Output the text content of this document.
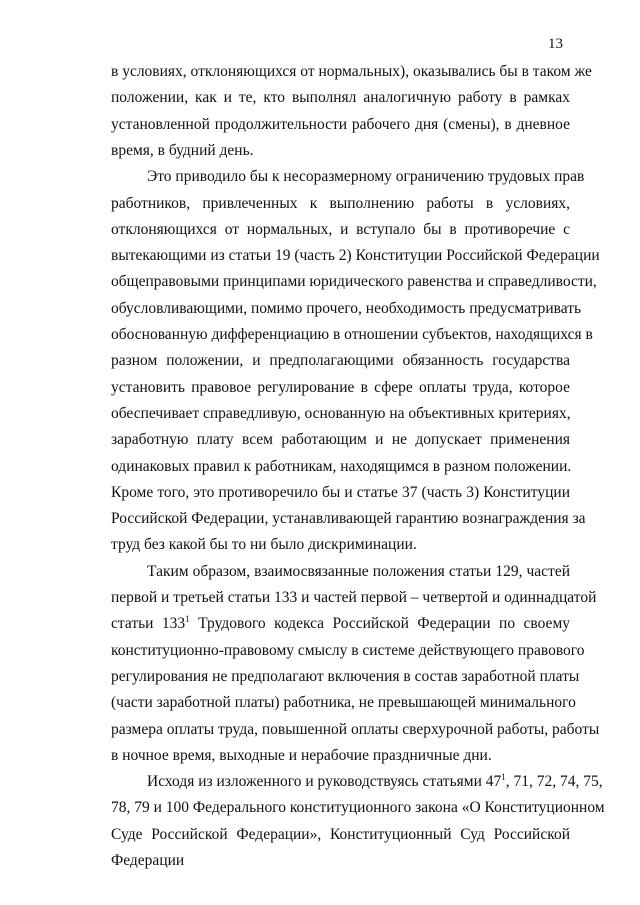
13
в условиях, отклоняющихся от нормальных), оказывались бы в таком же
положении, как и те, кто выполнял аналогичную работу в рамках
установленной продолжительности рабочего дня (смены), в дневное
время, в будний день.
Это приводило бы к несоразмерному ограничению трудовых прав
работников, привлеченных к выполнению работы в условиях,
отклоняющихся от нормальных, и вступало бы в противоречие с
вытекающими из статьи 19 (часть 2) Конституции Российской Федерации
общеправовыми принципами юридического равенства и справедливости,
обусловливающими, помимо прочего, необходимость предусматривать
обоснованную дифференциацию в отношении субъектов, находящихся в
разном положении, и предполагающими обязанность государства
установить правовое регулирование в сфере оплаты труда, которое
обеспечивает справедливую, основанную на объективных критериях,
заработную плату всем работающим и не допускает применения
одинаковых правил к работникам, находящимся в разном положении.
Кроме того, это противоречило бы и статье 37 (часть 3) Конституции
Российской Федерации, устанавливающей гарантию вознаграждения за
труд без какой бы то ни было дискриминации.
Таким образом, взаимосвязанные положения статьи 129, частей
первой и третьей статьи 133 и частей первой – четвертой и одиннадцатой
статьи $133^1$ Трудового кодекса Российской Федерации по своему
конституционно-правовому смыслу в системе действующего правового
регулирования не предполагают включения в состав заработной платы
(части заработной платы) работника, не превышающей минимального
размера оплаты труда, повышенной оплаты сверхурочной работы, работы
в ночное время, выходные и нерабочие праздничные дни.
Исходя из изложенного и руководствуясь статьями $47^1$, 71, 72, 74, 75,
78, 79 и 100 Федерального конституционного закона «О Конституционном
Суде Российской Федерации», Конституционный Суд Российской
Федерации
